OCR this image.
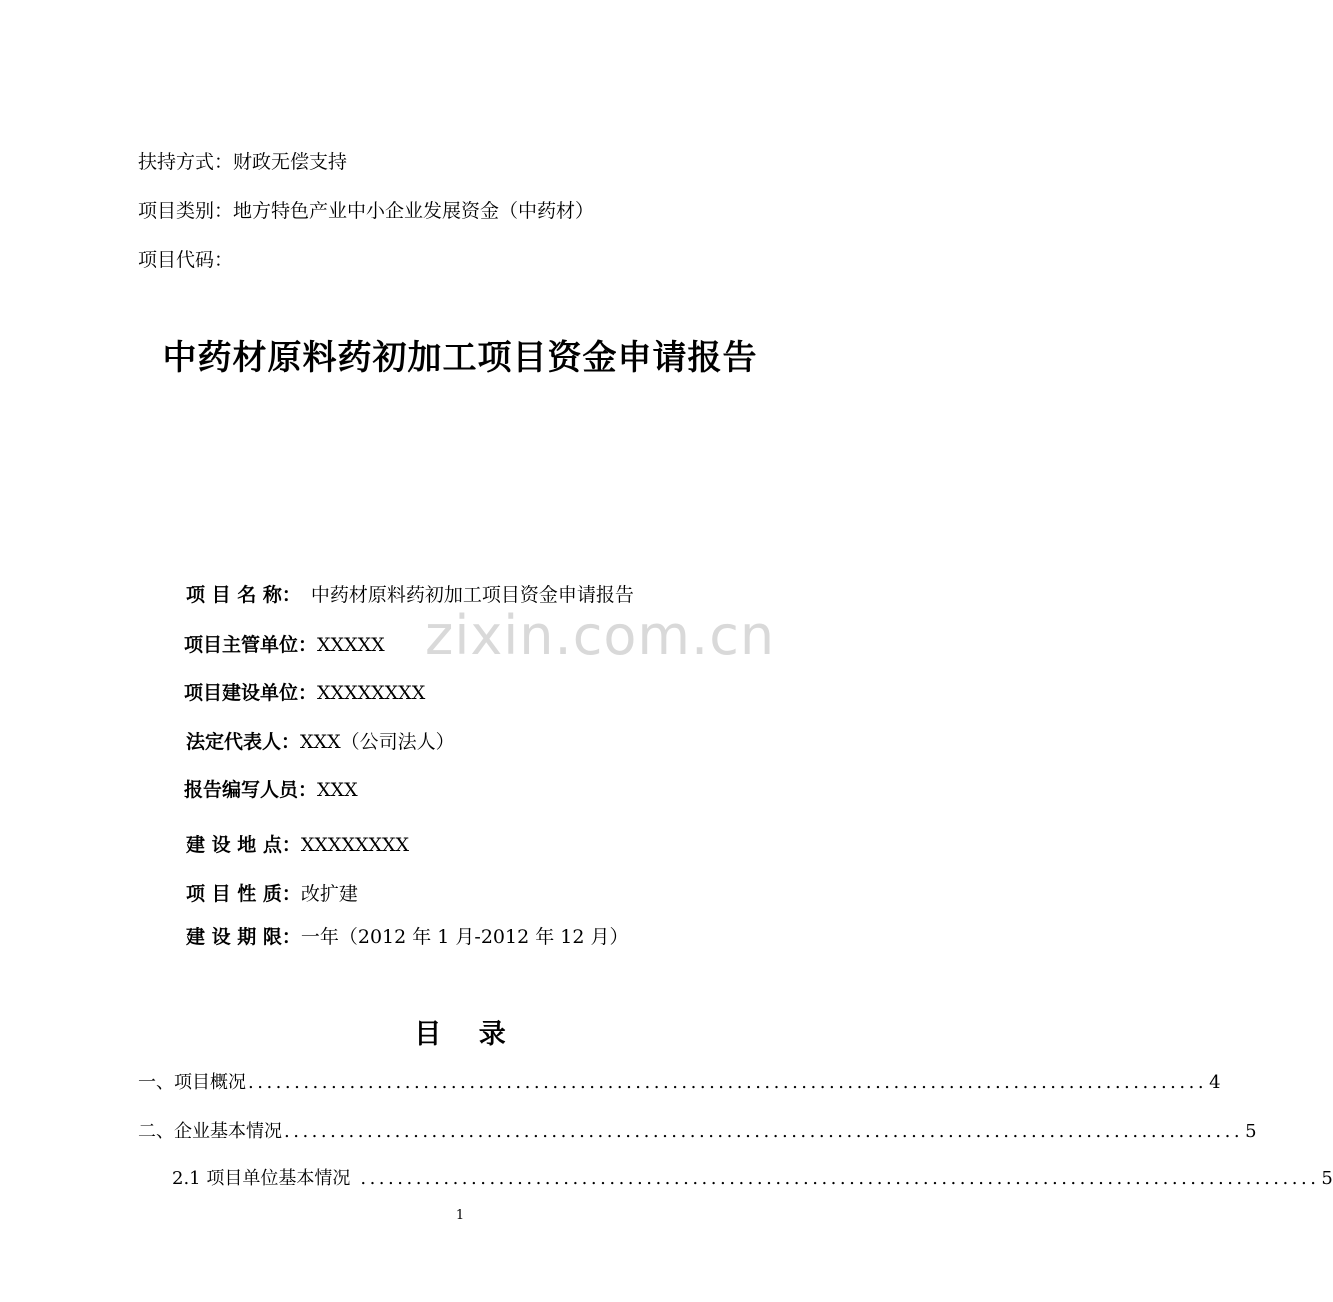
扶持方式：财政无偿支持
项目类别：地方特色产业中小企业发展资金（中药材）
项目代码：
中药材原料药初加工项目资金申请报告
zixin.com.cn
项 目 名 称： 中药材原料药初加工项目资金申请报告
项目主管单位： XXXXX
项目建设单位： XXXXXXXX
法定代表人： XXX（公司法人）
报告编写人员： XXX
建 设 地 点： XXXXXXXX
项 目 性 质： 改扩建
建 设 期 限： 一年（2012 年 1 月-2012 年 12 月）
目    录
一、项目概况 ........................................................................................................ 4
二、企业基本情况 ........................................................................................................ 5
2.1 项目单位基本情况 ........................................................................................................ 5
1
